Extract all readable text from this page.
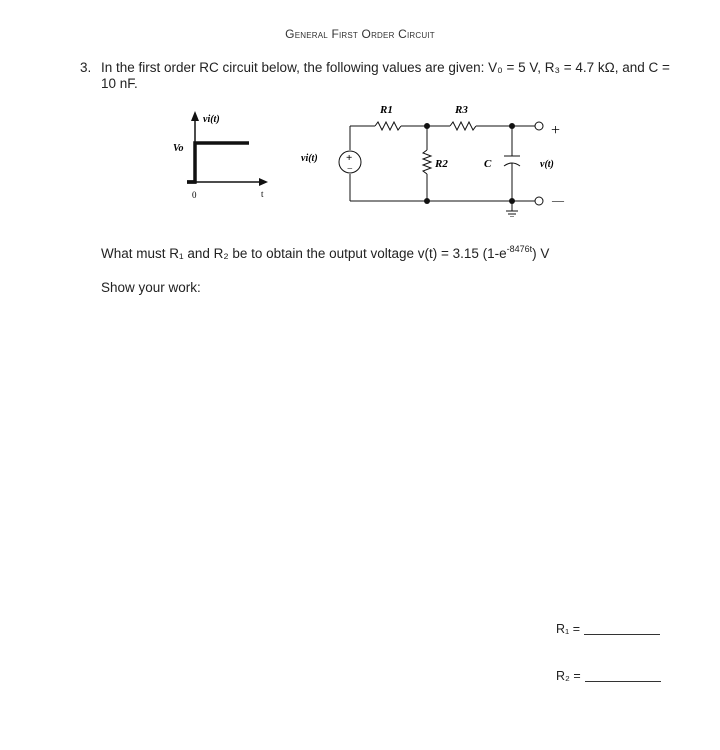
General First Order Circuit
3. In the first order RC circuit below, the following values are given: V₀ = 5 V, R₃ = 4.7 kΩ, and C = 10 nF.
vi(t)
Vo
0	t
R1	R3
R2	C
vi(t)	+
−	v(t)
+
—
What must R₁ and R₂ be to obtain the output voltage v(t) = 3.15 $(1-e^{-8476t})$ V
Show your work:
R₁ =
R₂ =
